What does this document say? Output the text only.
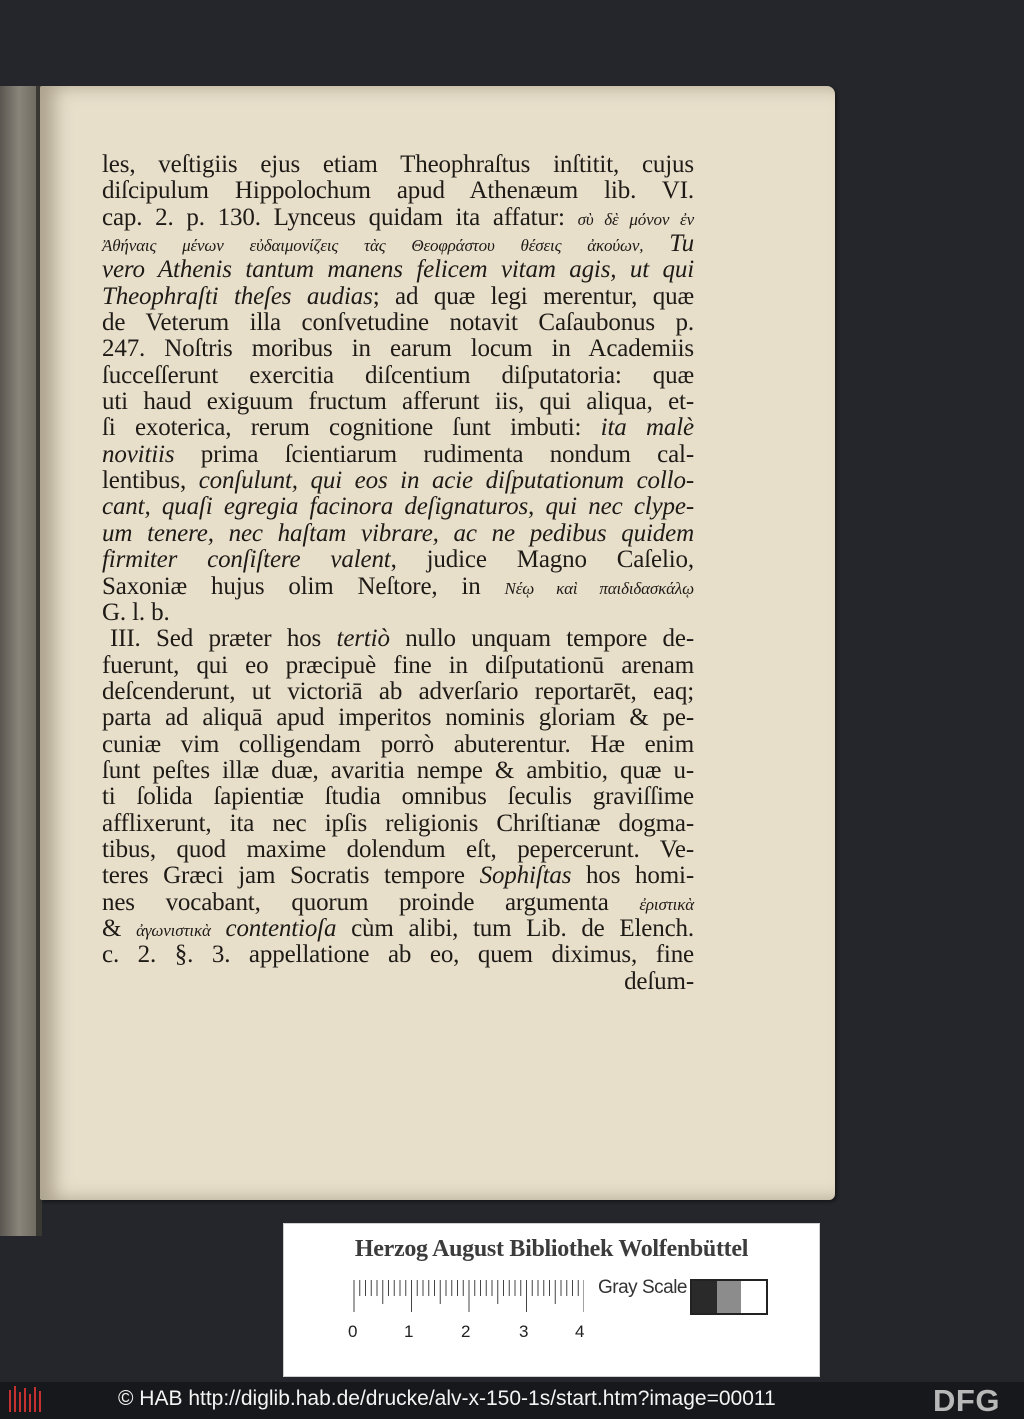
les, veſtigiis ejus etiam Theophraſtus inſtitit, cujus
diſcipulum Hippolochum apud Athenæum lib. VI.
cap. 2. p. 130. Lynceus quidam ita affatur: σὺ δὲ μόνον ἐν
Ἀθήναις μένων εὐδαιμονίζεις τὰς Θεοφράστου θέσεις ἀκούων, Tu
vero Athenis tantum manens felicem vitam agis, ut qui
Theophraſti theſes audias; ad quæ legi merentur, quæ
de Veterum illa conſvetudine notavit Caſaubonus p.
247. Noſtris moribus in earum locum in Academiis
ſucceſſerunt exercitia diſcentium diſputatoria: quæ
uti haud exiguum fructum afferunt iis, qui aliqua, et-
ſi exoterica, rerum cognitione ſunt imbuti: ita malè
novitiis prima ſcientiarum rudimenta nondum cal-
lentibus, conſulunt, qui eos in acie diſputationum collo-
cant, quaſi egregia facinora deſignaturos, qui nec clype-
um tenere, nec haſtam vibrare, ac ne pedibus quidem
firmiter conſiſtere valent, judice Magno Caſelio,
Saxoniæ hujus olim Neſtore, in Νέῳ καὶ παιδιδασκάλῳ
G. l. b.
III. Sed præter hos tertiò nullo unquam tempore de-
fuerunt, qui eo præcipuè fine in diſputationū arenam
deſcenderunt, ut victoriā ab adverſario reportarēt, eaq;
parta ad aliquā apud imperitos nominis gloriam & pe-
cuniæ vim colligendam porrò abuterentur. Hæ enim
ſunt peſtes illæ duæ, avaritia nempe & ambitio, quæ u-
ti ſolida ſapientiæ ſtudia omnibus ſeculis graviſſime
afflixerunt, ita nec ipſis religionis Chriſtianæ dogma-
tibus, quod maxime dolendum eſt, pepercerunt. Ve-
teres Græci jam Socratis tempore Sophiſtas hos homi-
nes vocabant, quorum proinde argumenta ἐριστικὰ
& ἀγωνιστικὰ contentioſa cùm alibi, tum Lib. de Elench.
c. 2. §. 3. appellatione ab eo, quem diximus, fine
deſum-
Herzog August Bibliothek Wolfenbüttel
Gray Scale
0	1	2	3	4
© HAB http://diglib.hab.de/drucke/alv-x-150-1s/start.htm?image=00011	DFG
